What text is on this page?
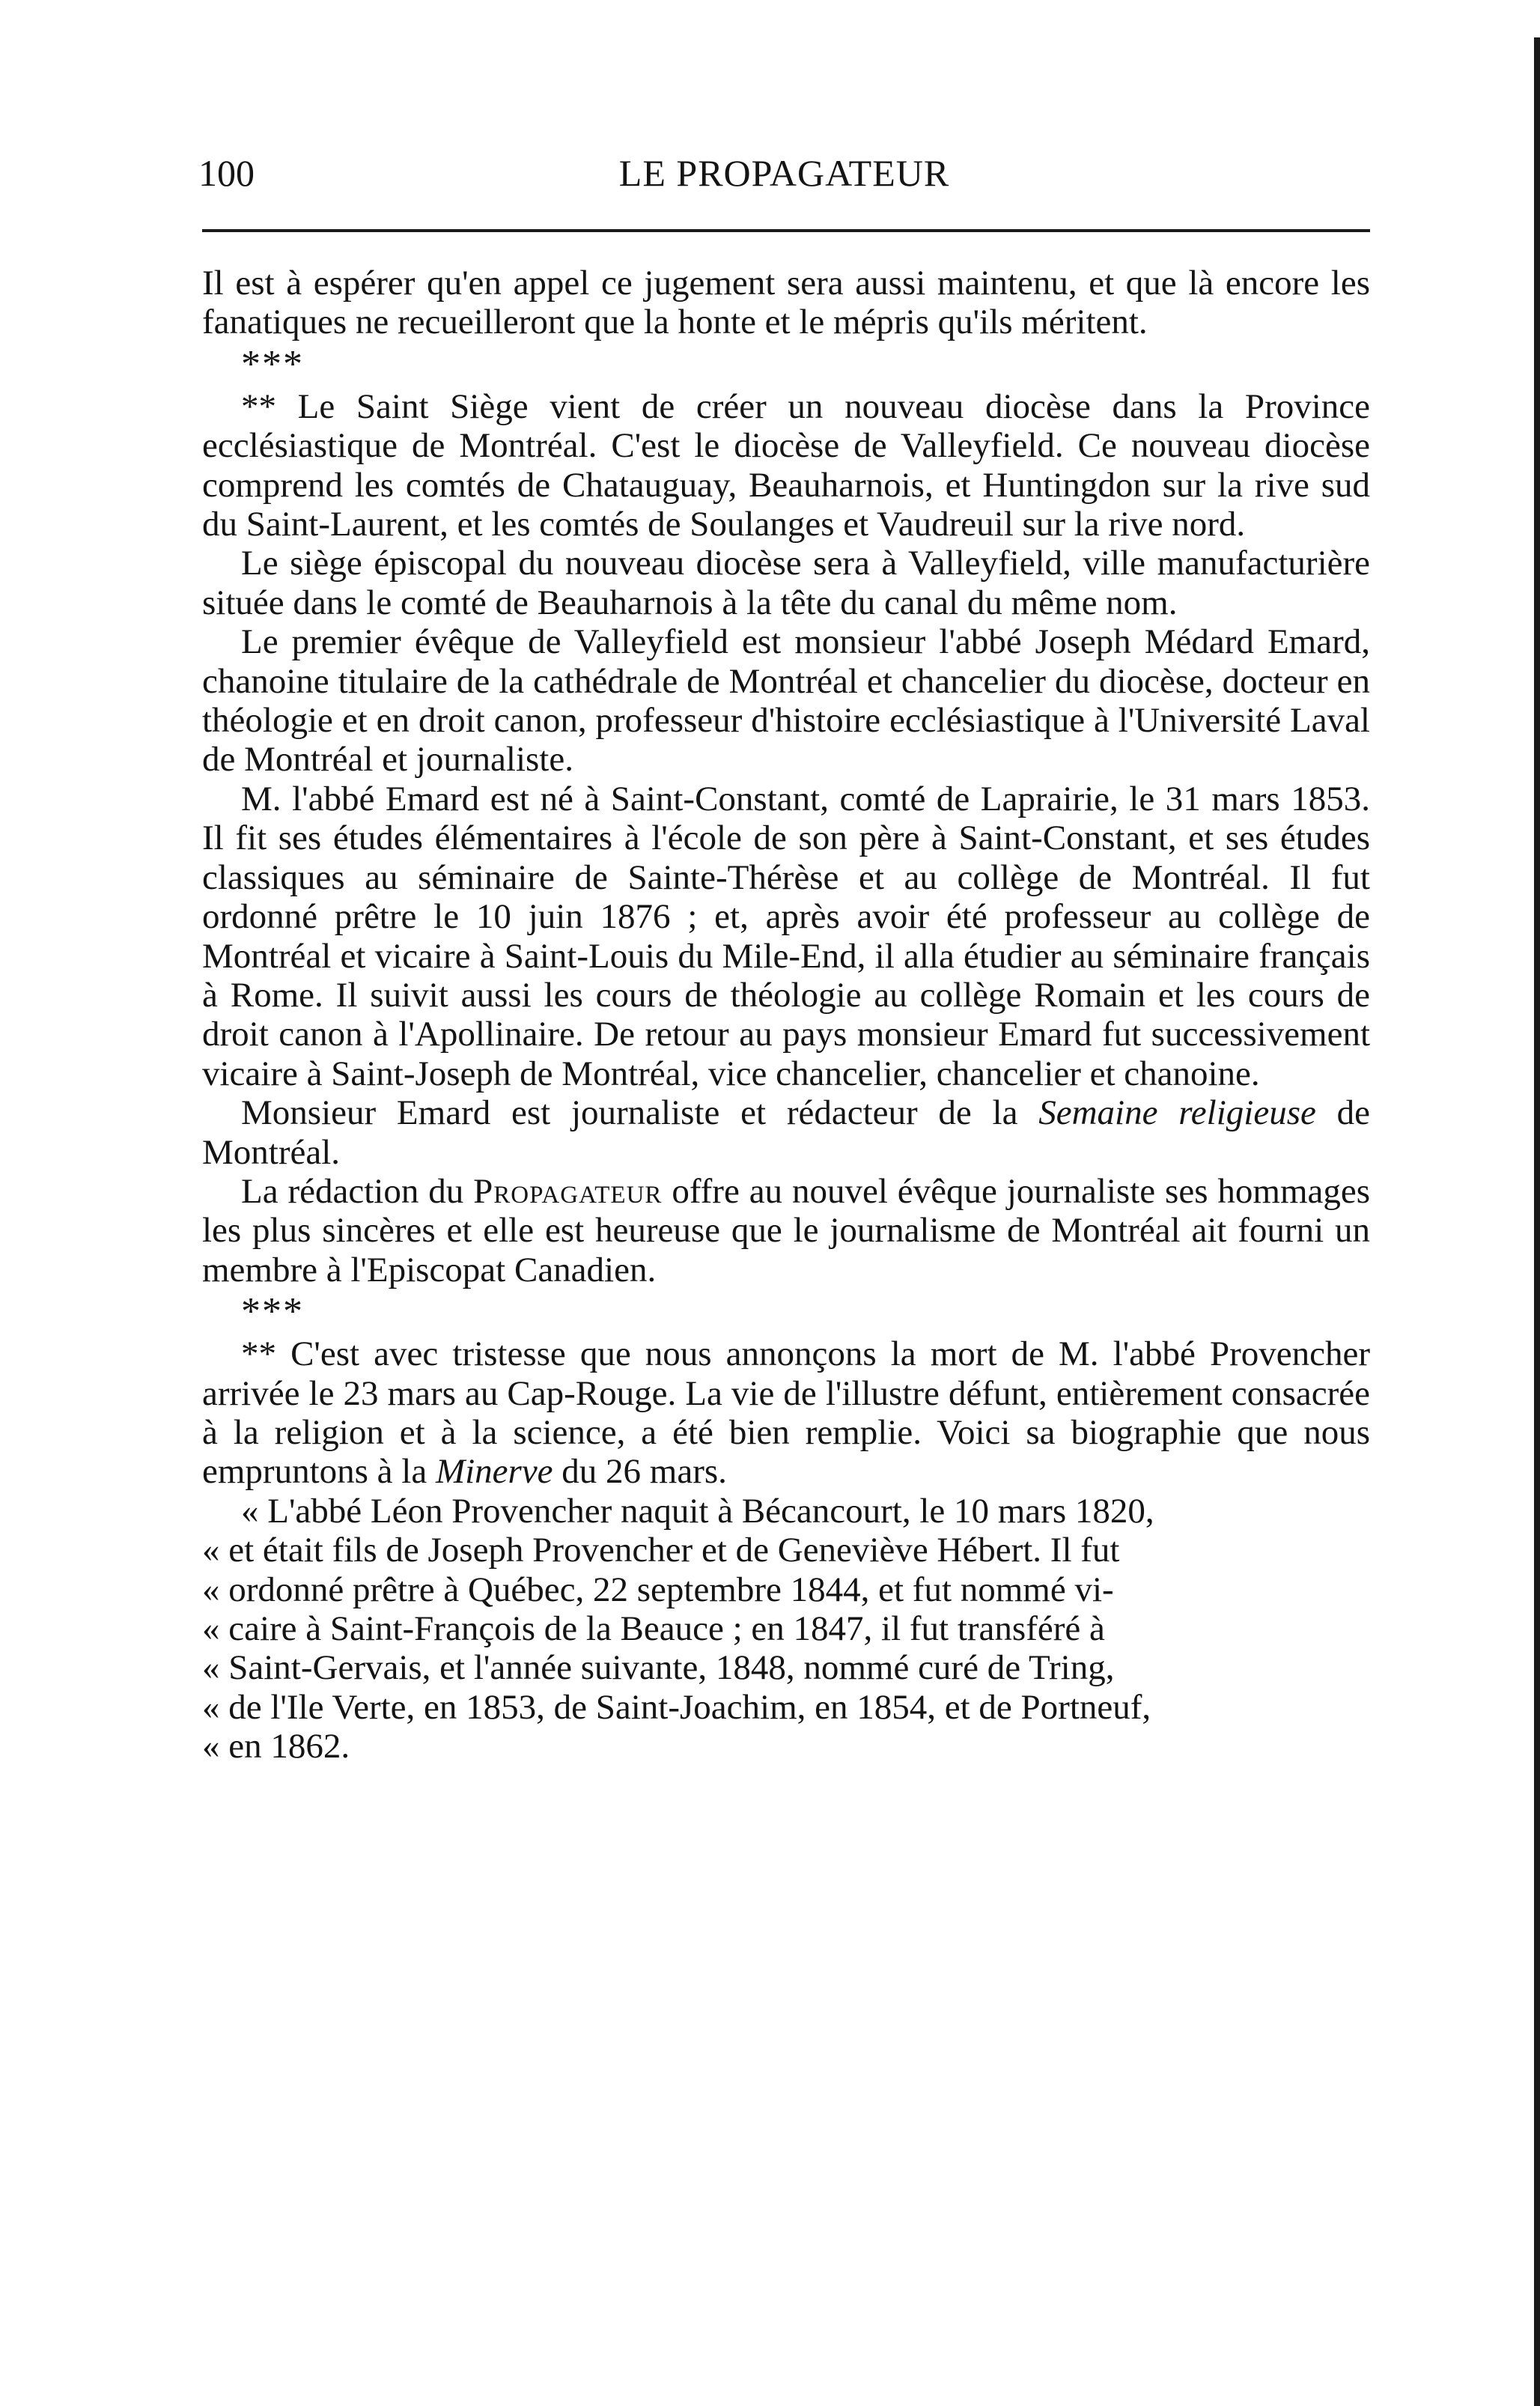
100	LE PROPAGATEUR

Il est à espérer qu'en appel ce jugement sera aussi maintenu, et que là encore les fanatiques ne recueilleront que la honte et le mépris qu'ils méritent.

***

** Le Saint Siège vient de créer un nouveau diocèse dans la Province ecclésiastique de Montréal. C'est le diocèse de Valleyfield. Ce nouveau diocèse comprend les comtés de Chatauguay, Beauharnois, et Huntingdon sur la rive sud du Saint-Laurent, et les comtés de Soulanges et Vaudreuil sur la rive nord.

Le siège épiscopal du nouveau diocèse sera à Valleyfield, ville manufacturière située dans le comté de Beauharnois à la tête du canal du même nom.

Le premier évêque de Valleyfield est monsieur l'abbé Joseph Médard Emard, chanoine titulaire de la cathédrale de Montréal et chancelier du diocèse, docteur en théologie et en droit canon, professeur d'histoire ecclésiastique à l'Université Laval de Montréal et journaliste.

M. l'abbé Emard est né à Saint-Constant, comté de Laprairie, le 31 mars 1853. Il fit ses études élémentaires à l'école de son père à Saint-Constant, et ses études classiques au séminaire de Sainte-Thérèse et au collège de Montréal. Il fut ordonné prêtre le 10 juin 1876 ; et, après avoir été professeur au collège de Montréal et vicaire à Saint-Louis du Mile-End, il alla étudier au séminaire français à Rome. Il suivit aussi les cours de théologie au collège Romain et les cours de droit canon à l'Apollinaire. De retour au pays monsieur Emard fut successivement vicaire à Saint-Joseph de Montréal, vice chancelier, chancelier et chanoine.

Monsieur Emard est journaliste et rédacteur de la Semaine religieuse de Montréal.

La rédaction du Propagateur offre au nouvel évêque journaliste ses hommages les plus sincères et elle est heureuse que le journalisme de Montréal ait fourni un membre à l'Episcopat Canadien.

***

** C'est avec tristesse que nous annonçons la mort de M. l'abbé Provencher arrivée le 23 mars au Cap-Rouge. La vie de l'illustre défunt, entièrement consacrée à la religion et à la science, a été bien remplie. Voici sa biographie que nous empruntons à la Minerve du 26 mars.

« L'abbé Léon Provencher naquit à Bécancourt, le 10 mars 1820,

« et était fils de Joseph Provencher et de Geneviève Hébert. Il fut

« ordonné prêtre à Québec, 22 septembre 1844, et fut nommé vi-

« caire à Saint-François de la Beauce ; en 1847, il fut transféré à

« Saint-Gervais, et l'année suivante, 1848, nommé curé de Tring,

« de l'Ile Verte, en 1853, de Saint-Joachim, en 1854, et de Portneuf,

« en 1862.
